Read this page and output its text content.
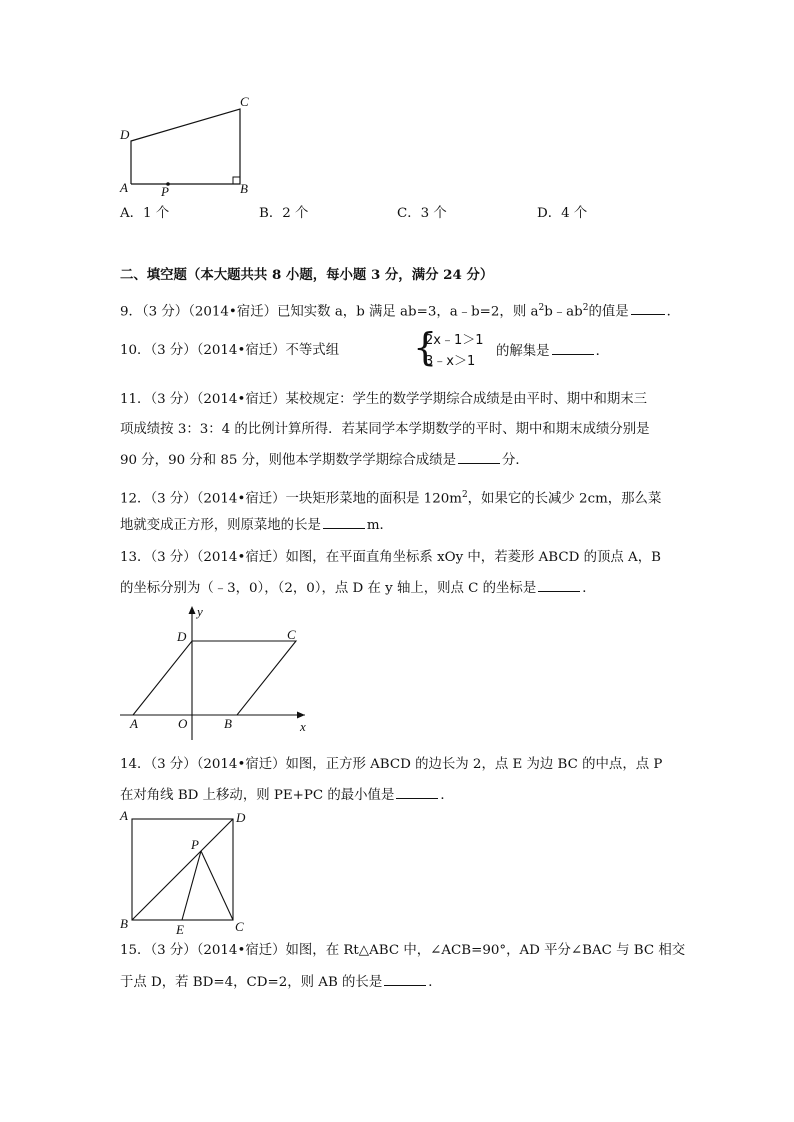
C
D
A	P	B
A．1 个	B．2 个	C．3 个	D．4 个
二、填空题（本大题共共 8 小题，每小题 3 分，满分 24 分）
9．（3 分）（2014•宿迁）已知实数 a，b 满足 ab=3，a﹣b=2，则 $a^2b﹣ab^2$的值是	．
10．（3 分）（2014•宿迁）不等式组 {
2x﹣1＞1
3﹣x＞1
的解集是	．
11．（3 分）（2014•宿迁）某校规定：学生的数学学期综合成绩是由平时、期中和期末三
项成绩按 3：3：4 的比例计算所得．若某同学本学期数学的平时、期中和期末成绩分别是
90 分，90 分和 85 分，则他本学期数学学期综合成绩是	分．
12．（3 分）（2014•宿迁）一块矩形菜地的面积是 $120m^2$，如果它的长减少 2cm，那么菜
地就变成正方形，则原菜地的长是	m．
13．（3 分）（2014•宿迁）如图，在平面直角坐标系 xOy 中，若菱形 ABCD 的顶点 A，B
的坐标分别为（﹣3，0），（2，0），点 D 在 y 轴上，则点 C 的坐标是	．
y
x
D	C
A	O	B
14．（3 分）（2014•宿迁）如图，正方形 ABCD 的边长为 2，点 E 为边 BC 的中点，点 P
在对角线 BD 上移动，则 PE+PC 的最小值是	．
A	D
P
B	E	C
15．（3 分）（2014•宿迁）如图，在 Rt△ABC 中，∠ACB=90°，AD 平分∠BAC 与 BC 相交
于点 D，若 BD=4，CD=2，则 AB 的长是	．
